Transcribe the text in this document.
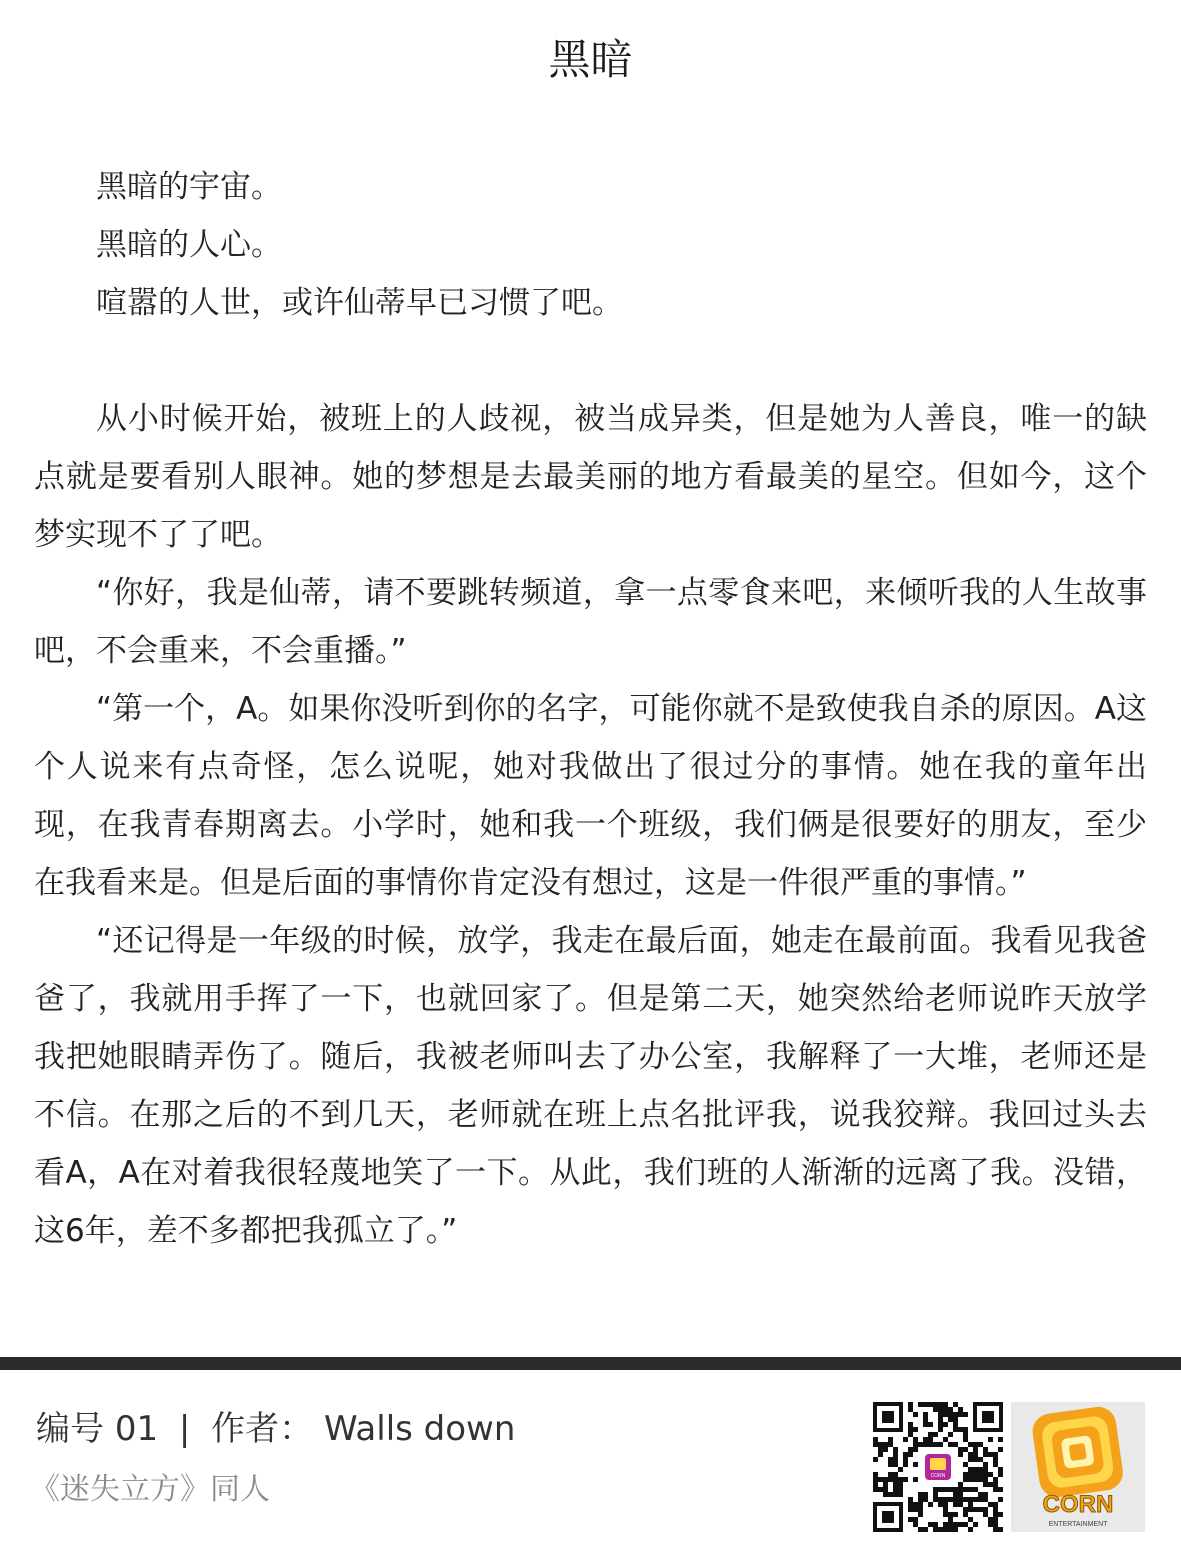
黑暗

黑暗的宇宙。

黑暗的人心。

喧嚣的人世，或许仙蒂早已习惯了吧。

从小时候开始，被班上的人歧视，被当成异类，但是她为人善良，唯一的缺点就是要看别人眼神。她的梦想是去最美丽的地方看最美的星空。但如今，这个梦实现不了了吧。

“你好，我是仙蒂，请不要跳转频道，拿一点零食来吧，来倾听我的人生故事吧，不会重来，不会重播。”

“第一个，A。如果你没听到你的名字，可能你就不是致使我自杀的原因。A这个人说来有点奇怪，怎么说呢，她对我做出了很过分的事情。她在我的童年出现，在我青春期离去。小学时，她和我一个班级，我们俩是很要好的朋友，至少在我看来是。但是后面的事情你肯定没有想过，这是一件很严重的事情。”

“还记得是一年级的时候，放学，我走在最后面，她走在最前面。我看见我爸爸了，我就用手挥了一下，也就回家了。但是第二天，她突然给老师说昨天放学我把她眼睛弄伤了。随后，我被老师叫去了办公室，我解释了一大堆，老师还是不信。在那之后的不到几天，老师就在班上点名批评我，说我狡辩。我回过头去看A，A在对着我很轻蔑地笑了一下。从此，我们班的人渐渐的远离了我。没错，这6年，差不多都把我孤立了。”

编号 01 | 作者： Walls down
《迷失立方》同人	CORN
CORN
ENTERTAINMENT
